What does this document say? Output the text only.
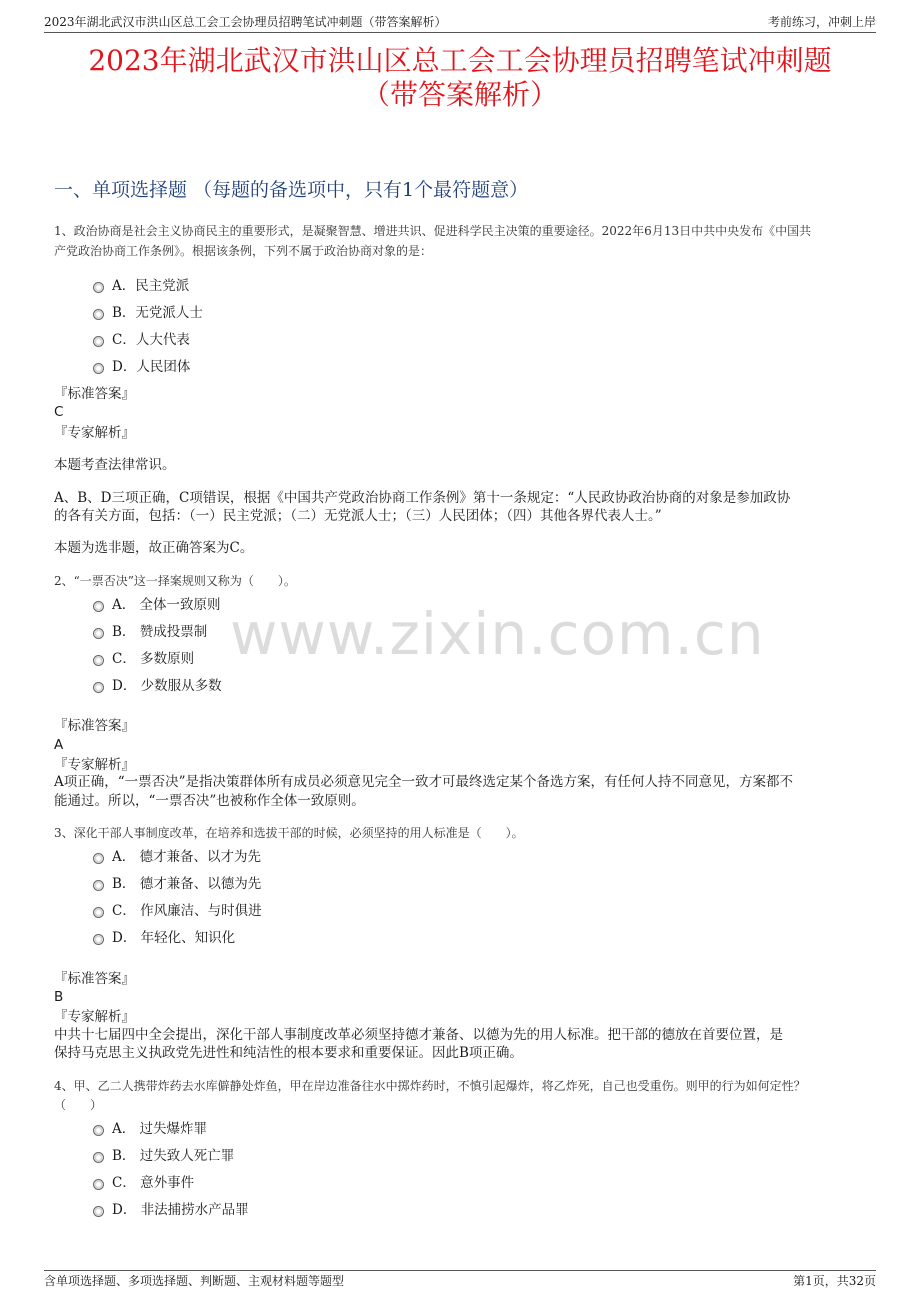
2023年湖北武汉市洪山区总工会工会协理员招聘笔试冲刺题（带答案解析）	考前练习，冲刺上岸
2023年湖北武汉市洪山区总工会工会协理员招聘笔试冲刺题
（带答案解析）
一、单项选择题 （每题的备选项中，只有1个最符题意）
www.zixin.com.cn
1、政治协商是社会主义协商民主的重要形式，是凝聚智慧、增进共识、促进科学民主决策的重要途径。2022年6月13日中共中央发布《中国共
产党政治协商工作条例》。根据该条例，下列不属于政治协商对象的是：
A．民主党派
B．无党派人士
C．人大代表
D．人民团体
『标准答案』
C
『专家解析』
本题考查法律常识。
A、B、D三项正确，C项错误，根据《中国共产党政治协商工作条例》第十一条规定：“人民政协政治协商的对象是参加政协
的各有关方面，包括：（一）民主党派；（二）无党派人士；（三）人民团体；（四）其他各界代表人士。”
本题为选非题，故正确答案为C。
2、“一票否决”这一择案规则又称为（　　）。
A． 全体一致原则
B． 赞成投票制
C． 多数原则
D． 少数服从多数
『标准答案』
A
『专家解析』
A项正确，“一票否决”是指决策群体所有成员必须意见完全一致才可最终选定某个备选方案，有任何人持不同意见，方案都不
能通过。所以，“一票否决”也被称作全体一致原则。
3、深化干部人事制度改革，在培养和选拔干部的时候，必须坚持的用人标准是（　　）。
A． 德才兼备、以才为先
B． 德才兼备、以德为先
C． 作风廉洁、与时俱进
D． 年轻化、知识化
『标准答案』
B
『专家解析』
中共十七届四中全会提出，深化干部人事制度改革必须坚持德才兼备、以德为先的用人标准。把干部的德放在首要位置，是
保持马克思主义执政党先进性和纯洁性的根本要求和重要保证。因此B项正确。
4、甲、乙二人携带炸药去水库僻静处炸鱼，甲在岸边准备往水中掷炸药时，不慎引起爆炸，将乙炸死，自己也受重伤。则甲的行为如何定性？
（　　）
A． 过失爆炸罪
B． 过失致人死亡罪
C． 意外事件
D． 非法捕捞水产品罪
含单项选择题、多项选择题、判断题、主观材料题等题型	第1页，共32页
